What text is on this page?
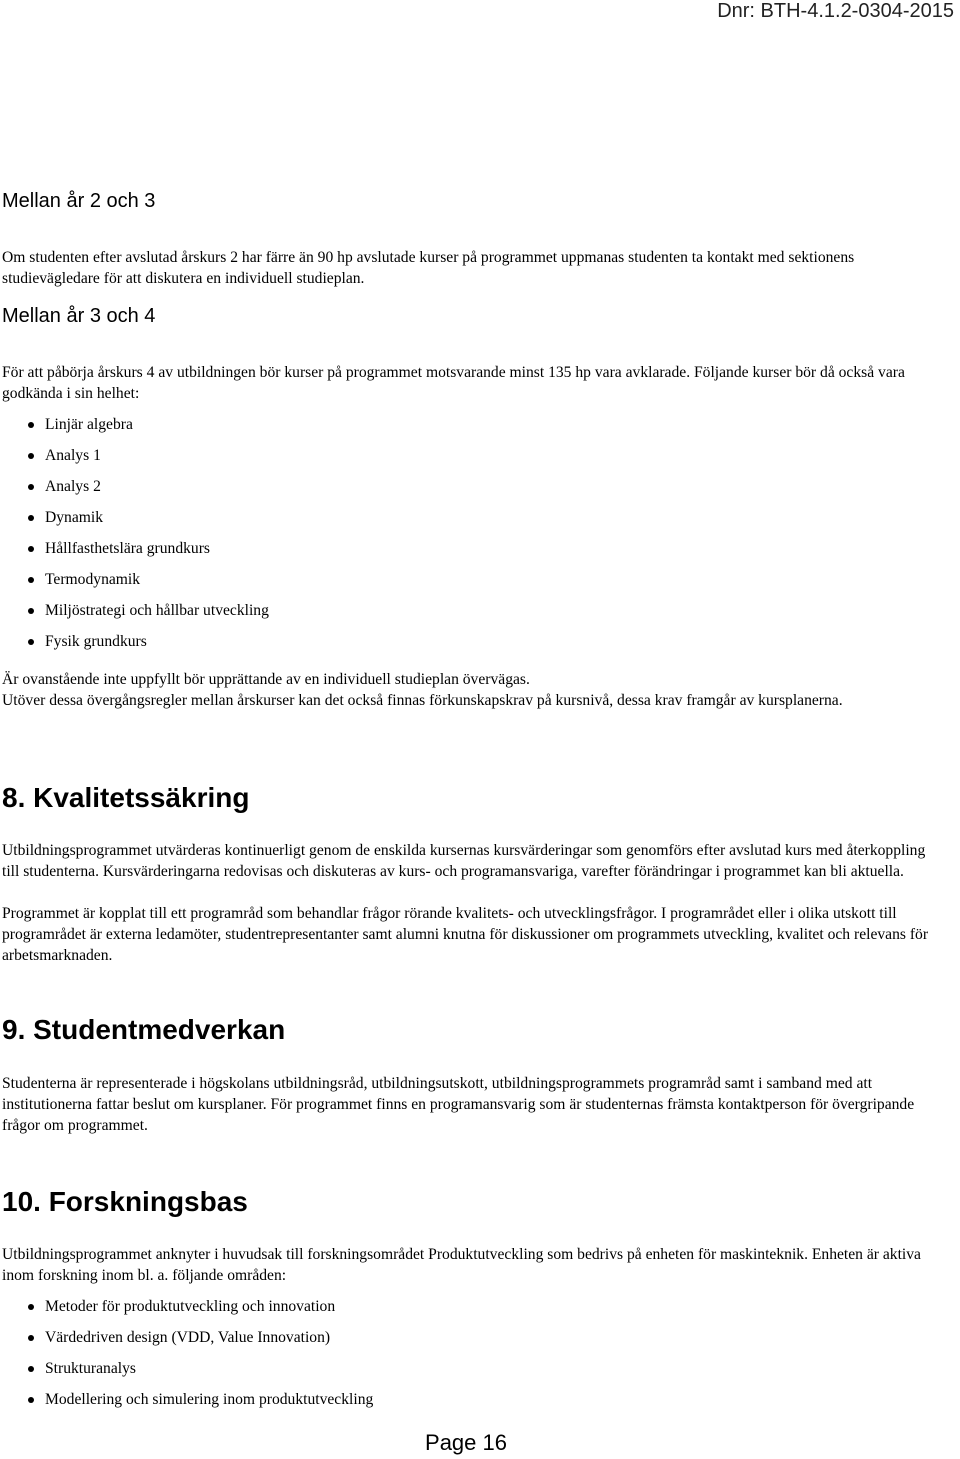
Dnr: BTH-4.1.2-0304-2015
Mellan år 2 och 3

Om studenten efter avslutad årskurs 2 har färre än 90 hp avslutade kurser på programmet uppmanas studenten ta kontakt med sektionens studievägledare för att diskutera en individuell studieplan.

Mellan år 3 och 4

För att påbörja årskurs 4 av utbildningen bör kurser på programmet motsvarande minst 135 hp vara avklarade. Följande kurser bör då också vara godkända i sin helhet:

Linjär algebra
Analys 1
Analys 2
Dynamik
Hållfasthetslära grundkurs
Termodynamik
Miljöstrategi och hållbar utveckling
Fysik grundkurs

Är ovanstående inte uppfyllt bör upprättande av en individuell studieplan övervägas.

Utöver dessa övergångsregler mellan årskurser kan det också finnas förkunskapskrav på kursnivå, dessa krav framgår av kursplanerna.

8. Kvalitetssäkring

Utbildningsprogrammet utvärderas kontinuerligt genom de enskilda kursernas kursvärderingar som genomförs efter avslutad kurs med återkoppling till studenterna. Kursvärderingarna redovisas och diskuteras av kurs- och programansvariga, varefter förändringar i programmet kan bli aktuella.

Programmet är kopplat till ett programråd som behandlar frågor rörande kvalitets- och utvecklingsfrågor. I programrådet eller i olika utskott till programrådet är externa ledamöter, studentrepresentanter samt alumni knutna för diskussioner om programmets utveckling, kvalitet och relevans för arbetsmarknaden.

9. Studentmedverkan

Studenterna är representerade i högskolans utbildningsråd, utbildningsutskott, utbildningsprogrammets programråd samt i samband med att institutionerna fattar beslut om kursplaner. För programmet finns en programansvarig som är studenternas främsta kontaktperson för övergripande frågor om programmet.

10. Forskningsbas

Utbildningsprogrammet anknyter i huvudsak till forskningsområdet Produktutveckling som bedrivs på enheten för maskinteknik. Enheten är aktiva inom forskning inom bl. a. följande områden:

Metoder för produktutveckling och innovation
Värdedriven design (VDD, Value Innovation)
Strukturanalys
Modellering och simulering inom produktutveckling
Page 16
